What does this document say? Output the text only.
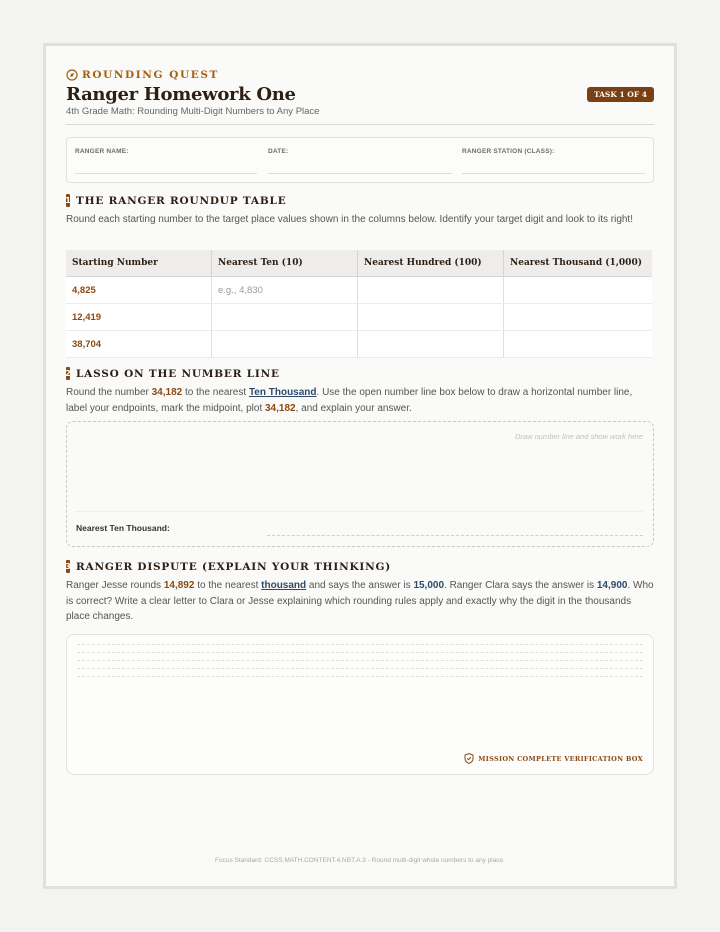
ROUNDING QUEST
Ranger Homework One
4th Grade Math: Rounding Multi-Digit Numbers to Any Place
TASK 1 OF 4
RANGER NAME:	DATE:	RANGER STATION (CLASS):
1 THE RANGER ROUNDUP TABLE
Round each starting number to the target place values shown in the columns below. Identify your target digit and look to its right!
Starting Number	Nearest Ten (10)	Nearest Hundred (100)	Nearest Thousand (1,000)
4,825	e.g., 4,830		
12,419			
38,704			
2 LASSO ON THE NUMBER LINE
Round the number 34,182 to the nearest Ten Thousand. Use the open number line box below to draw a horizontal number line, label your endpoints, mark the midpoint, plot 34,182, and explain your answer.
Draw number line and show work here
Nearest Ten Thousand:
3 RANGER DISPUTE (EXPLAIN YOUR THINKING)
Ranger Jesse rounds 14,892 to the nearest thousand and says the answer is 15,000. Ranger Clara says the answer is 14,900. Who is correct? Write a clear letter to Clara or Jesse explaining which rounding rules apply and exactly why the digit in the thousands place changes.
MISSION COMPLETE VERIFICATION BOX
Focus Standard: CCSS.MATH.CONTENT.4.NBT.A.3 - Round multi-digit whole numbers to any place.
